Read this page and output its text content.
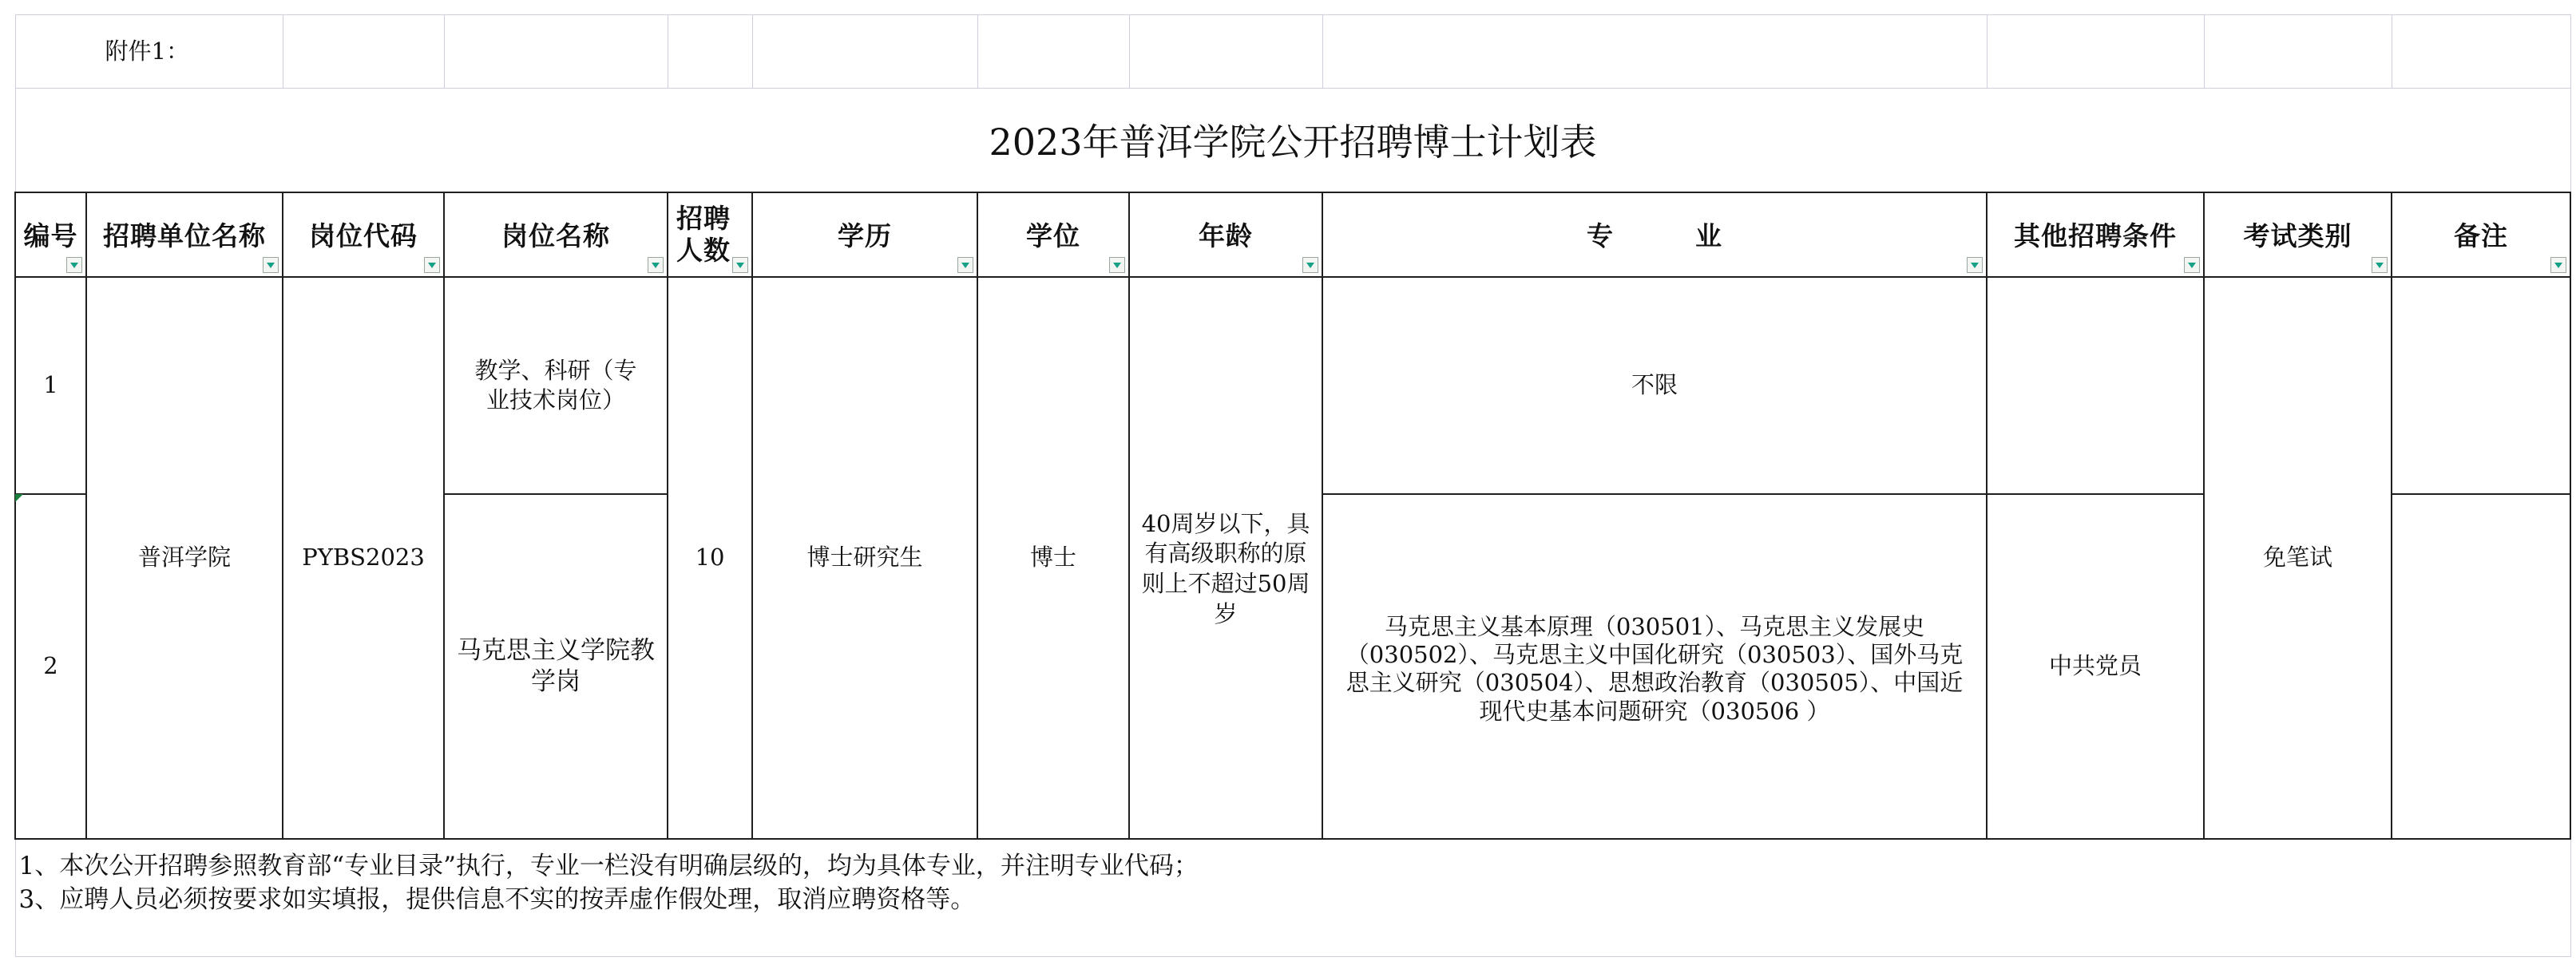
附件1：											
2023年普洱学院公开招聘博士计划表											
编号	招聘单位名称	岗位代码	岗位名称	招聘人数	学历	学位	年龄	专　　　业	其他招聘条件	考试类别	备注

1	普洱学院	PYBS2023	教学、科研（专业技术岗位）	10	博士研究生	博士	40周岁以下，具有高级职称的原则上不超过50周岁	不限		免笔试	

2			马克思主义学院教学岗					马克思主义基本原理（030501）、马克思主义发展史（030502）、马克思主义中国化研究（030503）、国外马克思主义研究（030504）、思想政治教育（030505）、中国近现代史基本问题研究（030506 ）	中共党员		

1、本次公开招聘参照教育部“专业目录”执行，专业一栏没有明确层级的，均为具体专业，并注明专业代码；
3、应聘人员必须按要求如实填报，提供信息不实的按弄虚作假处理，取消应聘资格等。											
